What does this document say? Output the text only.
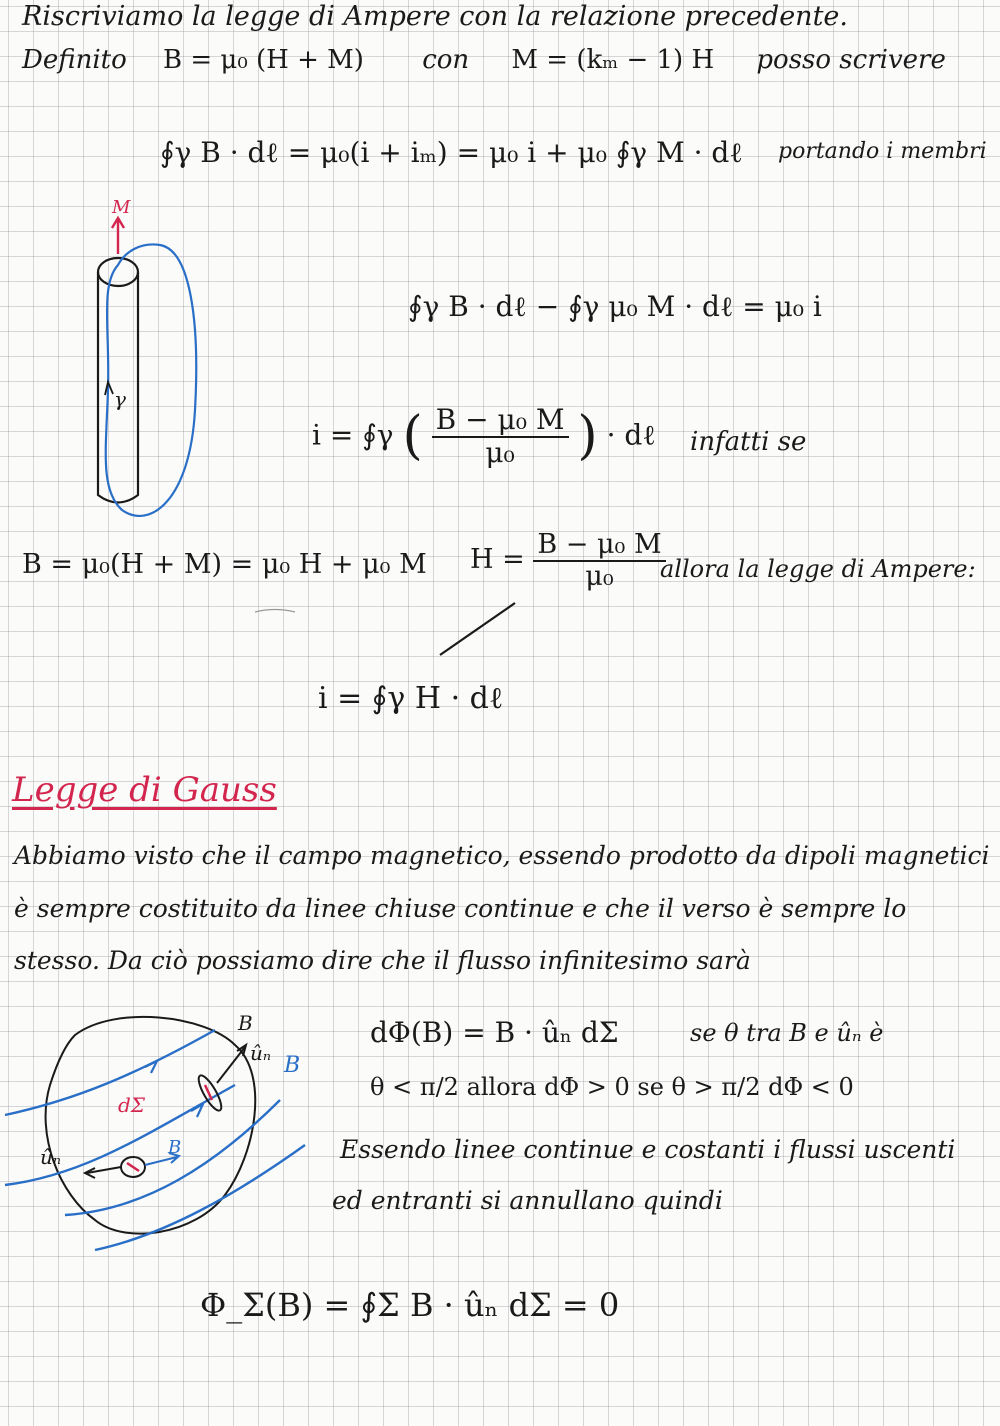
Riscriviamo la legge di Ampere con la relazione precedente.
Definito B = μ₀ (H + M) con M = (kₘ − 1) H posso scrivere
∮γ B · dℓ = μ₀(i + iₘ) = μ₀ i + μ₀ ∮γ M · dℓ portando i membri
∮γ B · dℓ − ∮γ μ₀ M · dℓ = μ₀ i
i = ∮γ ( $\frac{\text{B − μ₀ M}}{\text{μ₀}}$ ) · dℓ infatti se
B = μ₀(H + M) = μ₀ H + μ₀ M $H = \frac{\text{B − μ₀ M}}{\text{μ₀}}$
allora la legge di Ampere:
i = ∮γ H · dℓ
M
γ
Legge di Gauss
Abbiamo visto che il campo magnetico, essendo prodotto da dipoli magnetici
è sempre costituito da linee chiuse continue e che il verso è sempre lo
stesso. Da ciò possiamo dire che il flusso infinitesimo sarà
dΦ(B) = B · ûₙ dΣ	se θ tra B e ûₙ è
θ < π/2 allora dΦ > 0 se θ > π/2 dΦ < 0
Essendo linee continue e costanti i flussi uscenti
ed entranti si annullano quindi
Φ_Σ(B) = ∮Σ B · ûₙ dΣ = 0
B
ûₙ B
dΣ
ûₙ	B
